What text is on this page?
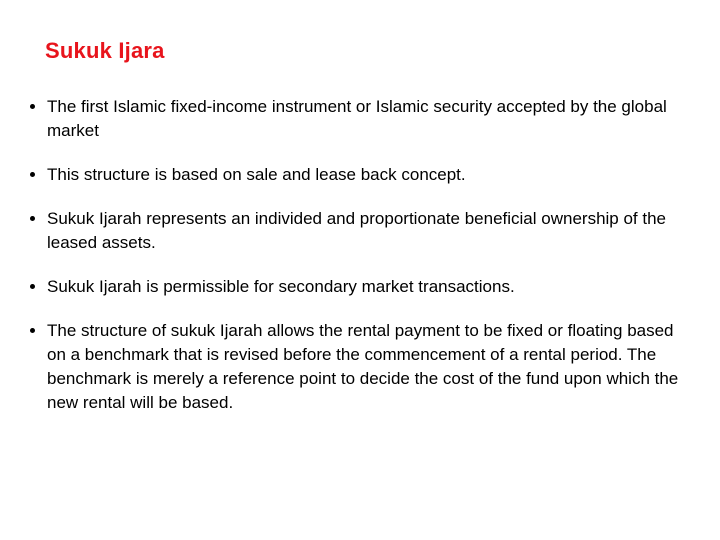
Sukuk Ijara
The first Islamic fixed-income instrument or Islamic security accepted by the global market
This structure is based on sale and lease back concept.
Sukuk Ijarah represents an individed and proportionate beneficial ownership of the leased assets.
Sukuk Ijarah is permissible for secondary market transactions.
The structure of sukuk Ijarah allows the rental payment to be fixed or floating based on a benchmark that is revised before the commencement of a rental period. The benchmark is merely a reference point to decide the cost of the fund upon which the new rental will be based.
